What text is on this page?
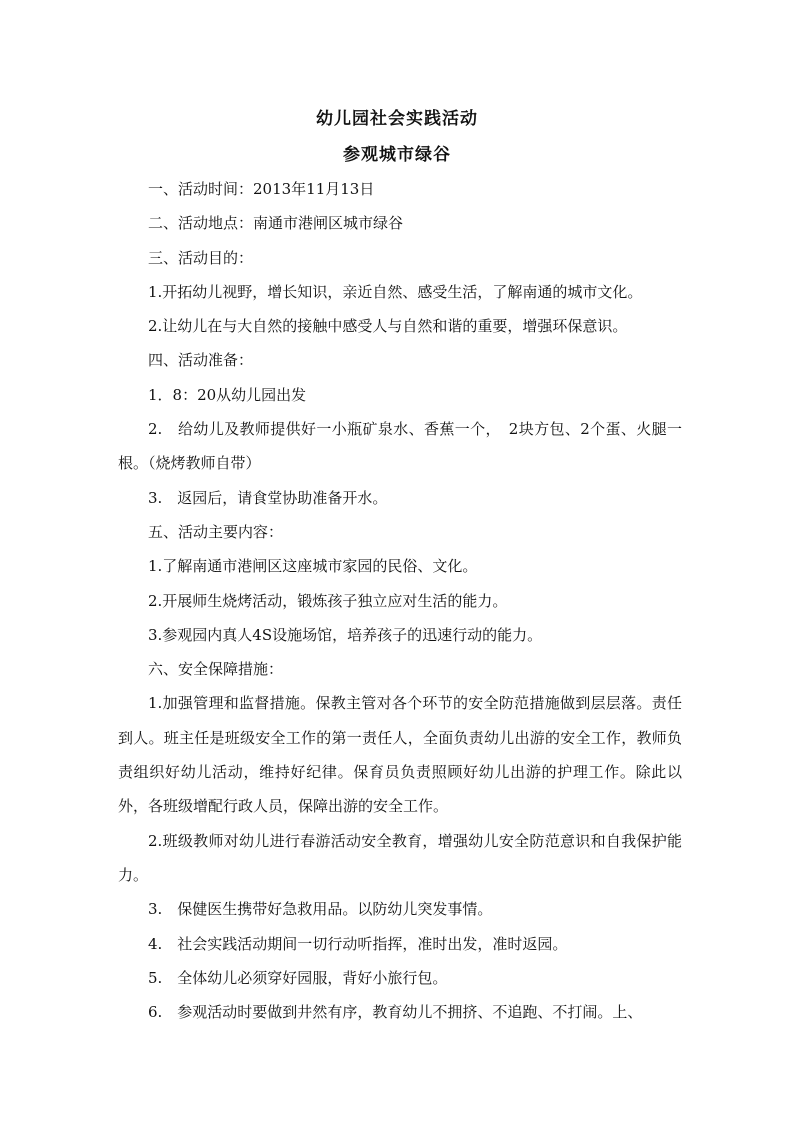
幼儿园社会实践活动
参观城市绿谷

一、活动时间：2013年11月13日

二、活动地点：南通市港闸区城市绿谷

三、活动目的：

1.开拓幼儿视野，增长知识，亲近自然、感受生活，了解南通的城市文化。

2.让幼儿在与大自然的接触中感受人与自然和谐的重要，增强环保意识。

四、活动准备：

1．8：20从幼儿园出发

2.　给幼儿及教师提供好一小瓶矿泉水、香蕉一个，　2块方包、2个蛋、火腿一根。（烧烤教师自带）

3.　返园后，请食堂协助准备开水。

五、活动主要内容：

1.了解南通市港闸区这座城市家园的民俗、文化。

2.开展师生烧烤活动，锻炼孩子独立应对生活的能力。

3.参观园内真人4S设施场馆，培养孩子的迅速行动的能力。

六、安全保障措施：

1.加强管理和监督措施。保教主管对各个环节的安全防范措施做到层层落。责任到人。班主任是班级安全工作的第一责任人，全面负责幼儿出游的安全工作，教师负责组织好幼儿活动，维持好纪律。保育员负责照顾好幼儿出游的护理工作。除此以外，各班级增配行政人员，保障出游的安全工作。

2.班级教师对幼儿进行春游活动安全教育，增强幼儿安全防范意识和自我保护能力。

3.　保健医生携带好急救用品。以防幼儿突发事情。

4.　社会实践活动期间一切行动听指挥，准时出发，准时返园。

5.　全体幼儿必须穿好园服，背好小旅行包。

6.　参观活动时要做到井然有序，教育幼儿不拥挤、不追跑、不打闹。上、
